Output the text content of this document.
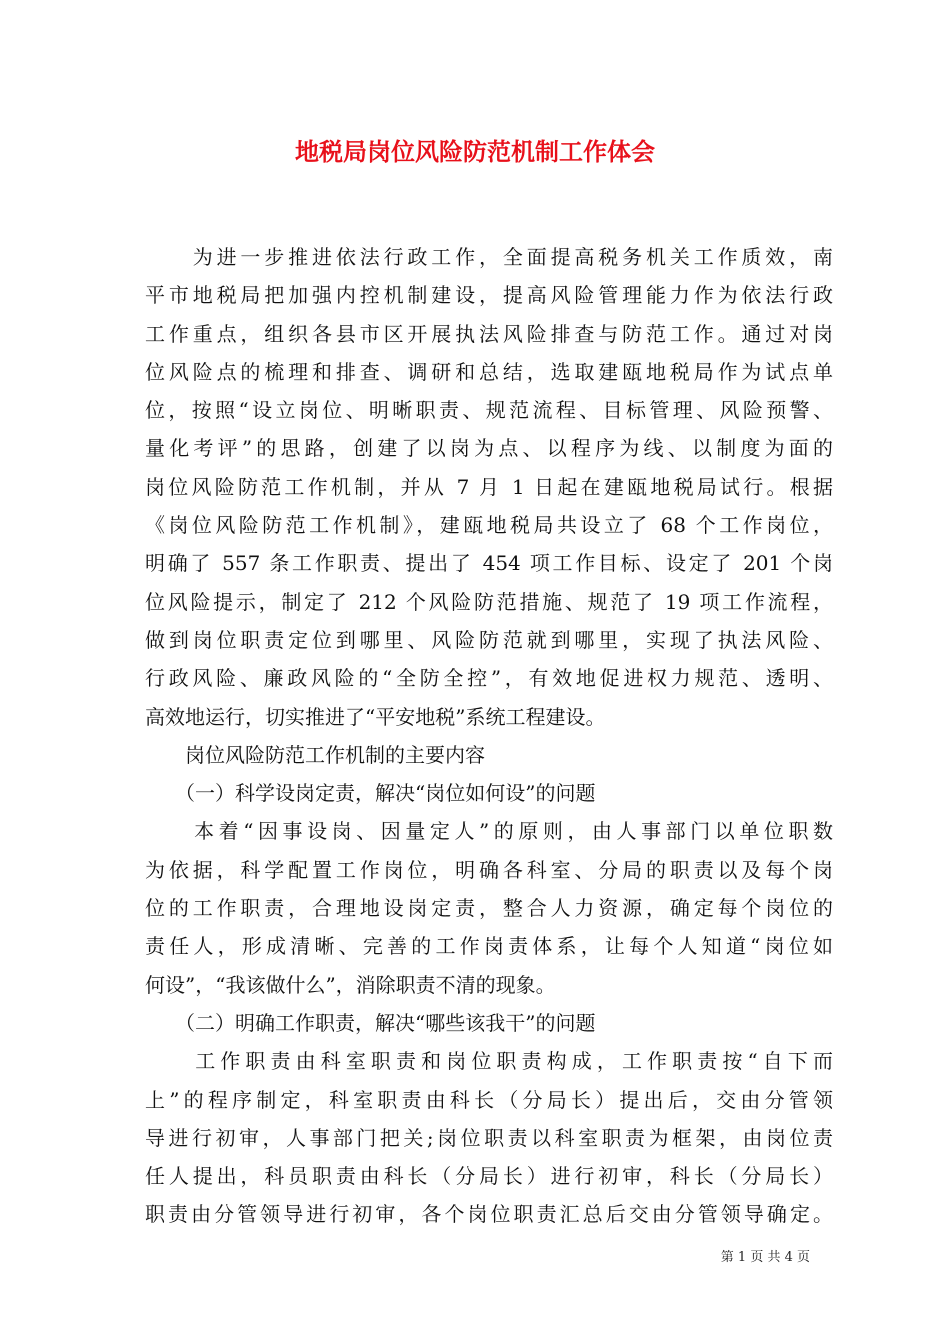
地税局岗位风险防范机制工作体会
　　为进一步推进依法行政工作，全面提高税务机关工作质效，南
平市地税局把加强内控机制建设，提高风险管理能力作为依法行政
工作重点，组织各县市区开展执法风险排查与防范工作。通过对岗
位风险点的梳理和排查、调研和总结，选取建瓯地税局作为试点单
位，按照“设立岗位、明晰职责、规范流程、目标管理、风险预警、
量化考评”的思路，创建了以岗为点、以程序为线、以制度为面的
岗位风险防范工作机制，并从 7 月 1 日起在建瓯地税局试行。根据
《岗位风险防范工作机制》，建瓯地税局共设立了 68 个工作岗位，
明确了 557 条工作职责、提出了 454 项工作目标、设定了 201 个岗
位风险提示，制定了 212 个风险防范措施、规范了 19 项工作流程，
做到岗位职责定位到哪里、风险防范就到哪里，实现了执法风险、
行政风险、廉政风险的“全防全控”，有效地促进权力规范、透明、
高效地运行，切实推进了“平安地税”系统工程建设。
　　岗位风险防范工作机制的主要内容
　　（一）科学设岗定责，解决“岗位如何设”的问题
　　本着“因事设岗、因量定人”的原则，由人事部门以单位职数
为依据，科学配置工作岗位，明确各科室、分局的职责以及每个岗
位的工作职责，合理地设岗定责，整合人力资源，确定每个岗位的
责任人，形成清晰、完善的工作岗责体系，让每个人知道“岗位如
何设”，“我该做什么”，消除职责不清的现象。
　　（二）明确工作职责，解决“哪些该我干”的问题
　　工作职责由科室职责和岗位职责构成，工作职责按“自下而
上”的程序制定，科室职责由科长（分局长）提出后，交由分管领
导进行初审，人事部门把关;岗位职责以科室职责为框架，由岗位责
任人提出，科员职责由科长（分局长）进行初审，科长（分局长）
职责由分管领导进行初审，各个岗位职责汇总后交由分管领导确定。
第 1 页 共 4 页
